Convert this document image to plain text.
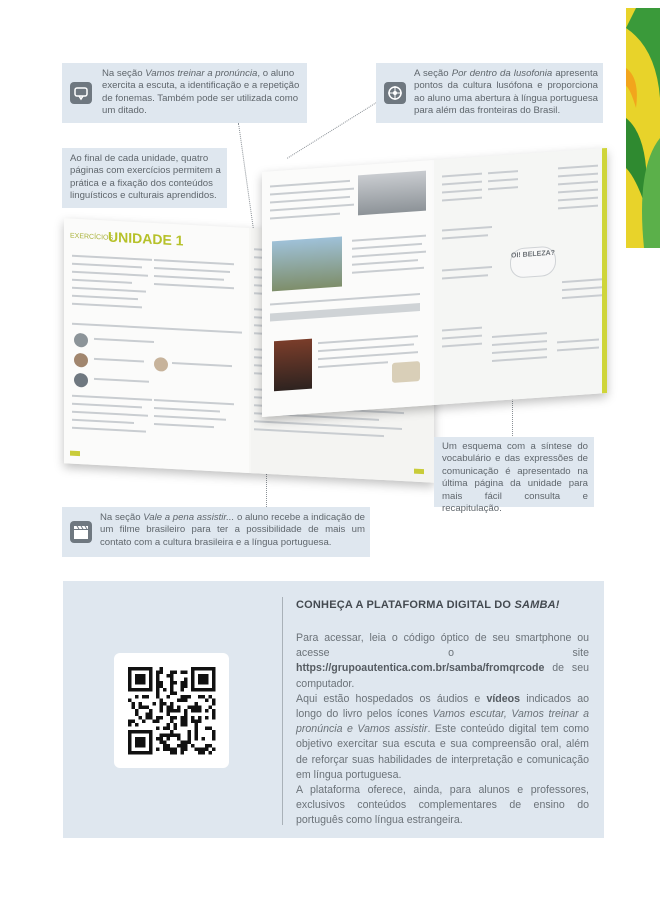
EXERCÍCIOS
UNIDADE 1
OI! BELEZA?

Na seção Vamos treinar a pronúncia, o aluno exercita a escuta, a identificação e a repetição de fonemas. Também pode ser utilizada como um ditado.

A seção Por dentro da lusofonia apresenta pontos da cultura lusófona e proporciona ao aluno uma abertura à língua portuguesa para além das fronteiras do Brasil.

Ao final de cada unidade, quatro páginas com exercícios permitem a prática e a fixação dos conteúdos linguísticos e culturais aprendidos.

Um esquema com a síntese do vocabulário e das expressões de comunicação é apresentado na última página da unidade para mais fácil consulta e recapitulação.

Na seção Vale a pena assistir... o aluno recebe a indicação de um filme brasileiro para ter a possibilidade de mais um contato com a cultura brasileira e a língua portuguesa.

CONHEÇA A PLATAFORMA DIGITAL DO SAMBA!

Para acessar, leia o código óptico de seu smartphone ou acesse o site https://grupoautentica.com.br/samba/fromqrcode de seu computador.

Aqui estão hospedados os áudios e vídeos indicados ao longo do livro pelos ícones Vamos escutar, Vamos treinar a pronúncia e Vamos assistir. Este conteúdo digital tem como objetivo exercitar sua escuta e sua compreensão oral, além de reforçar suas habilidades de interpretação e comunicação em língua portuguesa.

A plataforma oferece, ainda, para alunos e professores, exclusivos conteúdos complementares de ensino do português como língua estrangeira.
